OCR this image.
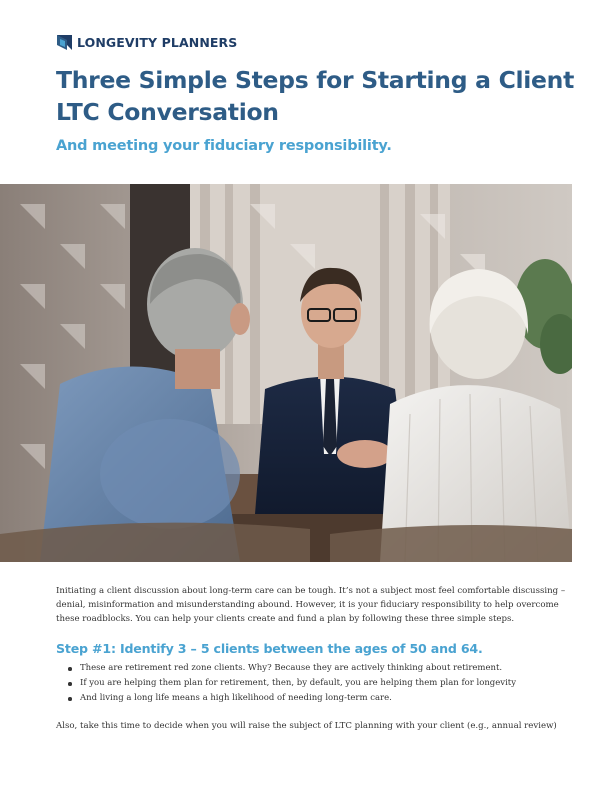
LONGEVITY PLANNERS
Three Simple Steps for Starting a Client LTC Conversation
And meeting your fiduciary responsibility.

Initiating a client discussion about long-term care can be tough. It’s not a subject most feel comfortable discussing – denial, misinformation and misunderstanding abound. However, it is your fiduciary responsibility to help overcome these roadblocks. You can help your clients create and fund a plan by following these three simple steps.

Step #1: Identify 3 – 5 clients between the ages of 50 and 64.
These are retirement red zone clients. Why? Because they are actively thinking about retirement.
If you are helping them plan for retirement, then, by default, you are helping them plan for longevity
And living a long life means a high likelihood of needing long-term care.

Also, take this time to decide when you will raise the subject of LTC planning with your client (e.g., annual review)
